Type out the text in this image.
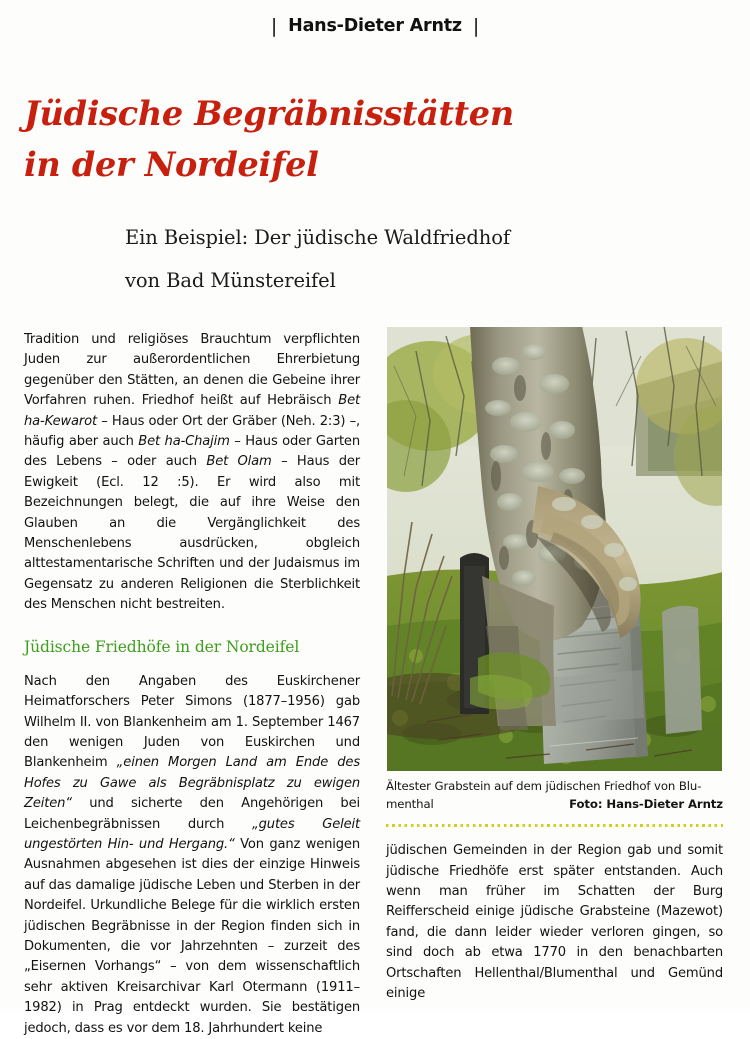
| Hans-Dieter Arntz |
Jüdische Begräbnisstätten
in der Nordeifel
Ein Beispiel: Der jüdische Waldfriedhof
von Bad Münstereifel

Tradition und religiöses Brauchtum verpflichten Juden zur außerordentlichen Ehrerbietung gegenüber den Stätten, an denen die Gebeine ihrer Vorfahren ruhen. Friedhof heißt auf Hebräisch Bet ha-Kewarot – Haus oder Ort der Gräber (Neh. 2:3) –, häufig aber auch Bet ha-Chajim – Haus oder Garten des Lebens – oder auch Bet Olam – Haus der Ewigkeit (Ecl. 12 :5). Er wird also mit Bezeichnungen belegt, die auf ihre Weise den Glauben an die Vergänglichkeit des Menschenlebens ausdrücken, obgleich alttestamentarische Schriften und der Judaismus im Gegensatz zu anderen Religionen die Sterblichkeit des Menschen nicht bestreiten.

Jüdische Friedhöfe in der Nordeifel

Nach den Angaben des Euskirchener Heimatforschers Peter Simons (1877–1956) gab Wilhelm II. von Blankenheim am 1. September 1467 den wenigen Juden von Euskirchen und Blankenheim „einen Morgen Land am Ende des Hofes zu Gawe als Begräbnisplatz zu ewigen Zeiten“ und sicherte den Angehörigen bei Leichenbegräbnissen durch „gutes Geleit ungestörten Hin- und Hergang.“ Von ganz wenigen Ausnahmen abgesehen ist dies der einzige Hinweis auf das damalige jüdische Leben und Sterben in der Nordeifel. Urkundliche Belege für die wirklich ersten jüdischen Begräbnisse in der Region finden sich in Dokumenten, die vor Jahrzehnten – zurzeit des „Eisernen Vorhangs“ – von dem wissenschaftlich sehr aktiven Kreisarchivar Karl Otermann (1911–1982) in Prag entdeckt wurden. Sie bestätigen jedoch, dass es vor dem 18. Jahrhundert keine

Ältester Grabstein auf dem jüdischen Friedhof von Blu-
menthal	Foto: Hans-Dieter Arntz

jüdischen Gemeinden in der Region gab und somit jüdische Friedhöfe erst später entstanden. Auch wenn man früher im Schatten der Burg Reifferscheid einige jüdische Grabsteine (Mazewot) fand, die dann leider wieder verloren gingen, so sind doch ab etwa 1770 in den benachbarten Ortschaften Hellenthal/Blumenthal und Gemünd einige
